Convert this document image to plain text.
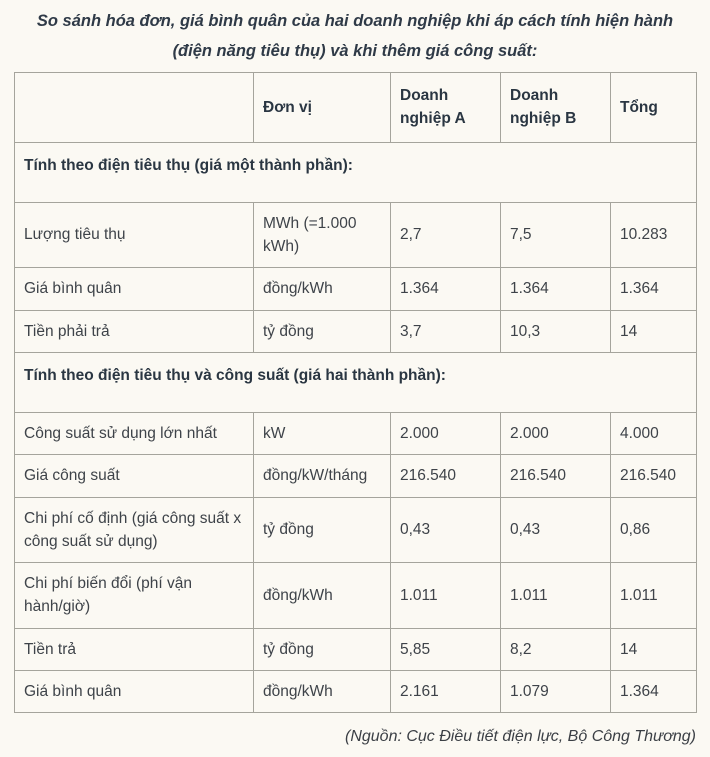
So sánh hóa đơn, giá bình quân của hai doanh nghiệp khi áp cách tính hiện hành (điện năng tiêu thụ) và khi thêm giá công suất:
	Đơn vị	Doanh nghiệp A	Doanh nghiệp B	Tổng
Tính theo điện tiêu thụ (giá một thành phần):				
Lượng tiêu thụ	MWh (=1.000 kWh)	2,7	7,5	10.283
Giá bình quân	đồng/kWh	1.364	1.364	1.364
Tiền phải trả	tỷ đồng	3,7	10,3	14
Tính theo điện tiêu thụ và công suất (giá hai thành phần):				
Công suất sử dụng lớn nhất	kW	2.000	2.000	4.000
Giá công suất	đồng/kW/tháng	216.540	216.540	216.540
Chi phí cố định (giá công suất x công suất sử dụng)	tỷ đồng	0,43	0,43	0,86
Chi phí biến đổi (phí vận hành/giờ)	đồng/kWh	1.011	1.011	1.011
Tiền trả	tỷ đồng	5,85	8,2	14
Giá bình quân	đồng/kWh	2.161	1.079	1.364
(Nguồn: Cục Điều tiết điện lực, Bộ Công Thương)
